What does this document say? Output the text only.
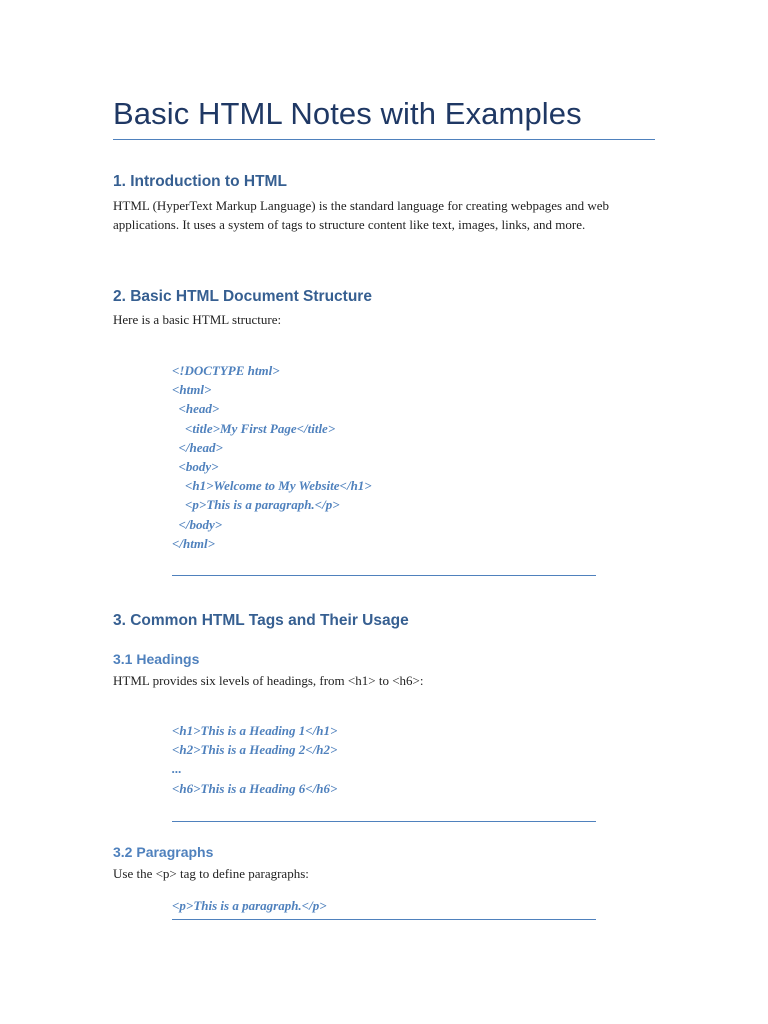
Basic HTML Notes with Examples
1. Introduction to HTML

HTML (HyperText Markup Language) is the standard language for creating webpages and web applications. It uses a system of tags to structure content like text, images, links, and more.

2. Basic HTML Document Structure

Here is a basic HTML structure:

<!DOCTYPE html>
<html>
<head>
<title>My First Page</title>
</head>
<body>
<h1>Welcome to My Website</h1>
<p>This is a paragraph.</p>
</body>
</html>
3. Common HTML Tags and Their Usage
3.1 Headings

HTML provides six levels of headings, from <h1> to <h6>:

<h1>This is a Heading 1</h1>
<h2>This is a Heading 2</h2>
...
<h6>This is a Heading 6</h6>
3.2 Paragraphs

Use the <p> tag to define paragraphs:

<p>This is a paragraph.</p>
